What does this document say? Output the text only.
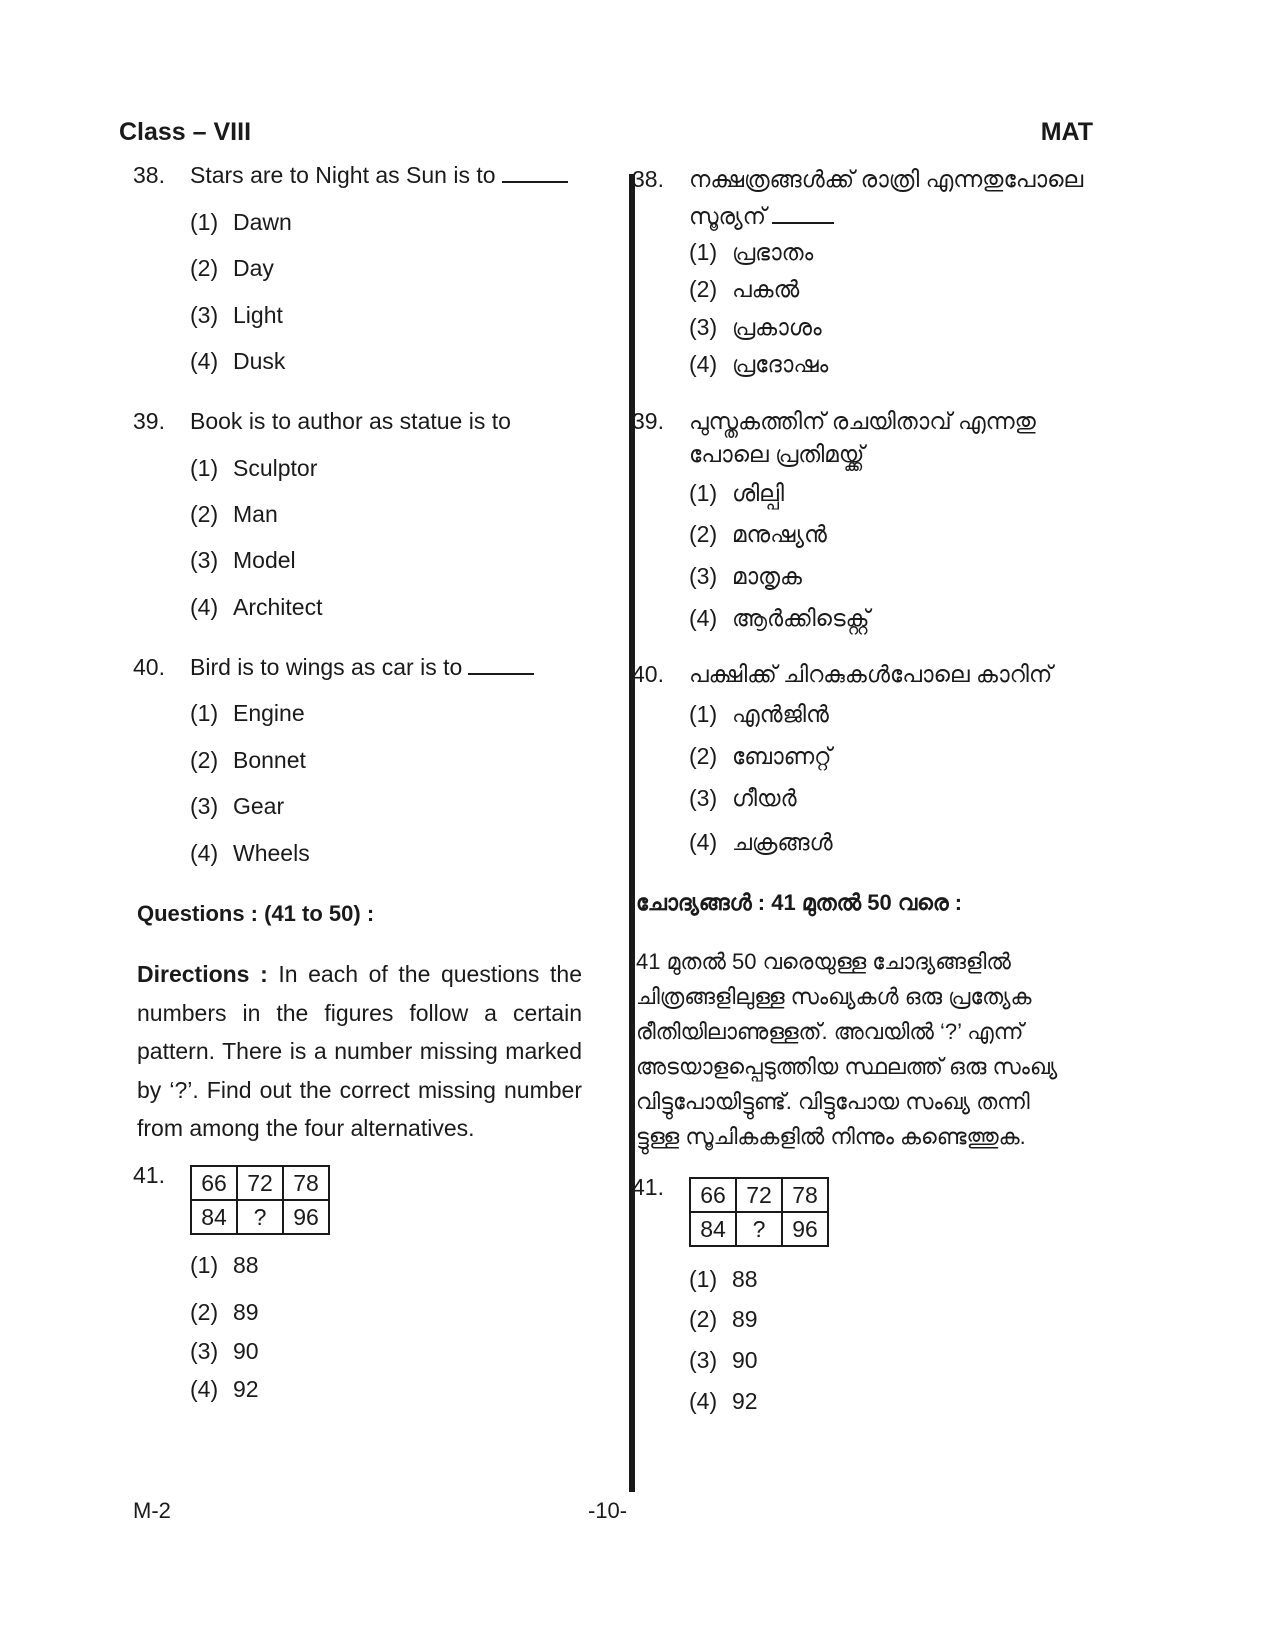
Class – VIII	MAT
38. Stars are to Night as Sun is to
(1) Dawn
(2) Day
(3) Light
(4) Dusk
39. Book is to author as statue is to
(1) Sculptor
(2) Man
(3) Model
(4) Architect
40. Bird is to wings as car is to
(1) Engine
(2) Bonnet
(3) Gear
(4) Wheels
Questions : (41 to 50) :
Directions : In each of the questions the numbers in the figures follow a certain pattern. There is a number missing marked by ‘?’. Find out the correct missing number from among the four alternatives.
41. 66	72	78
84	?	96
(1) 88
(2) 89
(3) 90
(4) 92
38. നക്ഷത്രങ്ങൾക്ക് രാത്രി എന്നതുപോലെ
സൂര്യന്
(1) പ്രഭാതം
(2) പകൽ
(3) പ്രകാശം
(4) പ്രദോഷം
39. പുസ്തകത്തിന് രചയിതാവ് എന്നതു
പോലെ പ്രതിമയ്ക്ക്
(1) ശില്പി
(2) മനുഷ്യൻ
(3) മാതൃക
(4) ആർക്കിടെക്റ്റ്
40. പക്ഷിക്ക് ചിറകുകൾപോലെ കാറിന്
(1) എൻജിൻ
(2) ബോണറ്റ്
(3) ഗീയർ
(4) ചക്രങ്ങൾ
ചോദ്യങ്ങൾ : 41 മുതൽ 50 വരെ :
41 മുതൽ 50 വരെയുള്ള ചോദ്യങ്ങളിൽ
ചിത്രങ്ങളിലുള്ള സംഖ്യകൾ ഒരു പ്രത്യേക
രീതിയിലാണുള്ളത്. അവയിൽ ‘?’ എന്ന്
അടയാളപ്പെടുത്തിയ സ്ഥലത്ത് ഒരു സംഖ്യ
വിട്ടുപോയിട്ടുണ്ട്. വിട്ടുപോയ സംഖ്യ തന്നി
ട്ടുള്ള സൂചികകളിൽ നിന്നും കണ്ടെത്തുക.
41. 66	72	78
84	?	96
(1) 88
(2) 89
(3) 90
(4) 92
M-2	-10-
